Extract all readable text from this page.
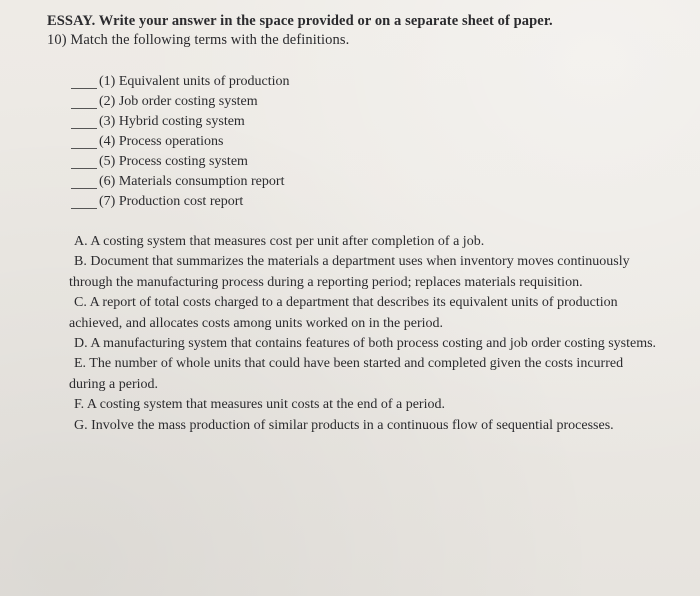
ESSAY. Write your answer in the space provided or on a separate sheet of paper.
10) Match the following terms with the definitions.
(1) Equivalent units of production
(2) Job order costing system
(3) Hybrid costing system
(4) Process operations
(5) Process costing system
(6) Materials consumption report
(7) Production cost report
A. A costing system that measures cost per unit after completion of a job.
B. Document that summarizes the materials a department uses when inventory moves continuously through the manufacturing process during a reporting period; replaces materials requisition.
C. A report of total costs charged to a department that describes its equivalent units of production achieved, and allocates costs among units worked on in the period.
D. A manufacturing system that contains features of both process costing and job order costing systems.
E. The number of whole units that could have been started and completed given the costs incurred during a period.
F. A costing system that measures unit costs at the end of a period.
G. Involve the mass production of similar products in a continuous flow of sequential processes.
